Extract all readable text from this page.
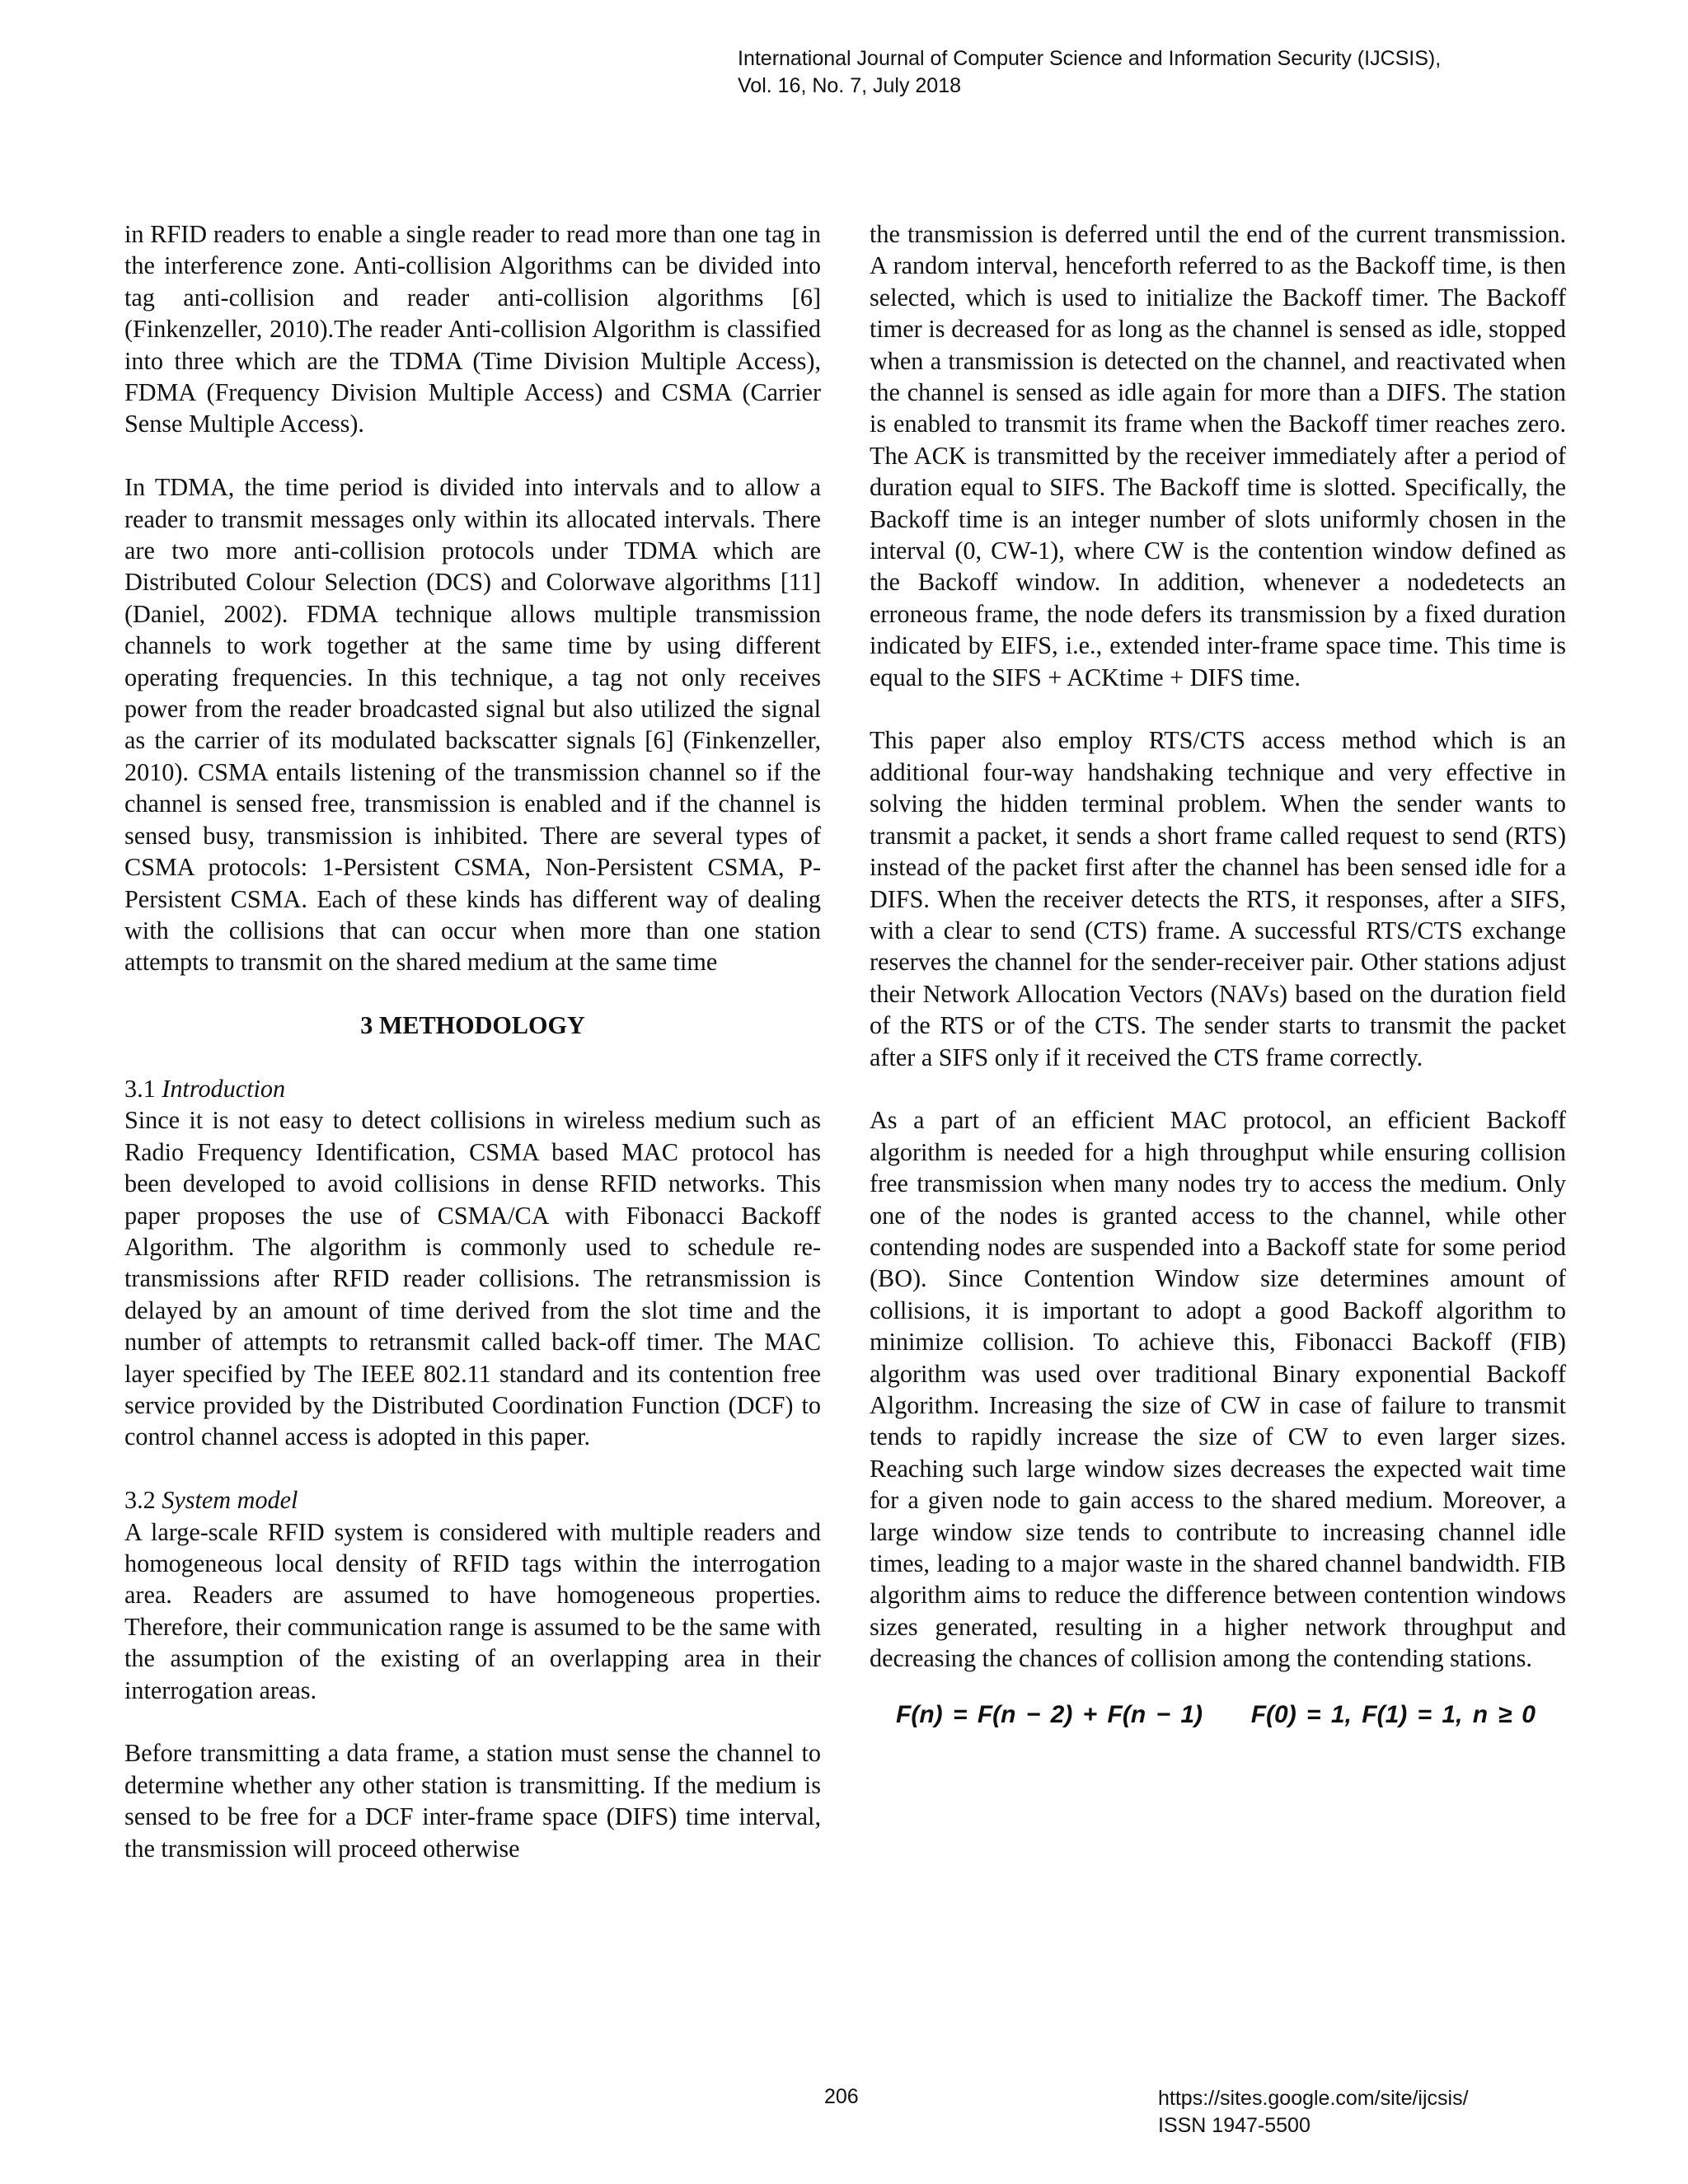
International Journal of Computer Science and Information Security (IJCSIS),
Vol. 16, No. 7, July 2018

in RFID readers to enable a single reader to read more than one tag in the interference zone. Anti-collision Algorithms can be divided into tag anti-collision and reader anti-collision algorithms [6] (Finkenzeller, 2010).The reader Anti-collision Algorithm is classified into three which are the TDMA (Time Division Multiple Access), FDMA (Frequency Division Multiple Access) and CSMA (Carrier Sense Multiple Access).

In TDMA, the time period is divided into intervals and to allow a reader to transmit messages only within its allocated intervals. There are two more anti-collision protocols under TDMA which are Distributed Colour Selection (DCS) and Colorwave algorithms [11] (Daniel, 2002). FDMA technique allows multiple transmission channels to work together at the same time by using different operating frequencies. In this technique, a tag not only receives power from the reader broadcasted signal but also utilized the signal as the carrier of its modulated backscatter signals [6] (Finkenzeller, 2010). CSMA entails listening of the transmission channel so if the channel is sensed free, transmission is enabled and if the channel is sensed busy, transmission is inhibited. There are several types of CSMA protocols: 1-Persistent CSMA, Non-Persistent CSMA, P-Persistent CSMA. Each of these kinds has different way of dealing with the collisions that can occur when more than one station attempts to transmit on the shared medium at the same time

3 METHODOLOGY

3.1 Introduction

Since it is not easy to detect collisions in wireless medium such as Radio Frequency Identification, CSMA based MAC protocol has been developed to avoid collisions in dense RFID networks. This paper proposes the use of CSMA/CA with Fibonacci Backoff Algorithm. The algorithm is commonly used to schedule re-transmissions after RFID reader collisions. The retransmission is delayed by an amount of time derived from the slot time and the number of attempts to retransmit called back-off timer. The MAC layer specified by The IEEE 802.11 standard and its contention free service provided by the Distributed Coordination Function (DCF) to control channel access is adopted in this paper.

3.2 System model

A large-scale RFID system is considered with multiple readers and homogeneous local density of RFID tags within the interrogation area. Readers are assumed to have homogeneous properties. Therefore, their communication range is assumed to be the same with the assumption of the existing of an overlapping area in their interrogation areas.

Before transmitting a data frame, a station must sense the channel to determine whether any other station is transmitting. If the medium is sensed to be free for a DCF inter-frame space (DIFS) time interval, the transmission will proceed otherwise

the transmission is deferred until the end of the current transmission. A random interval, henceforth referred to as the Backoff time, is then selected, which is used to initialize the Backoff timer. The Backoff timer is decreased for as long as the channel is sensed as idle, stopped when a transmission is detected on the channel, and reactivated when the channel is sensed as idle again for more than a DIFS. The station is enabled to transmit its frame when the Backoff timer reaches zero. The ACK is transmitted by the receiver immediately after a period of duration equal to SIFS. The Backoff time is slotted. Specifically, the Backoff time is an integer number of slots uniformly chosen in the interval (0, CW-1), where CW is the contention window defined as the Backoff window. In addition, whenever a nodedetects an erroneous frame, the node defers its transmission by a fixed duration indicated by EIFS, i.e., extended inter-frame space time. This time is equal to the SIFS + ACKtime + DIFS time.

This paper also employ RTS/CTS access method which is an additional four-way handshaking technique and very effective in solving the hidden terminal problem. When the sender wants to transmit a packet, it sends a short frame called request to send (RTS) instead of the packet first after the channel has been sensed idle for a DIFS. When the receiver detects the RTS, it responses, after a SIFS, with a clear to send (CTS) frame. A successful RTS/CTS exchange reserves the channel for the sender-receiver pair. Other stations adjust their Network Allocation Vectors (NAVs) based on the duration field of the RTS or of the CTS. The sender starts to transmit the packet after a SIFS only if it received the CTS frame correctly.

As a part of an efficient MAC protocol, an efficient Backoff algorithm is needed for a high throughput while ensuring collision free transmission when many nodes try to access the medium. Only one of the nodes is granted access to the channel, while other contending nodes are suspended into a Backoff state for some period (BO). Since Contention Window size determines amount of collisions, it is important to adopt a good Backoff algorithm to minimize collision. To achieve this, Fibonacci Backoff (FIB) algorithm was used over traditional Binary exponential Backoff Algorithm. Increasing the size of CW in case of failure to transmit tends to rapidly increase the size of CW to even larger sizes. Reaching such large window sizes decreases the expected wait time for a given node to gain access to the shared medium. Moreover, a large window size tends to contribute to increasing channel idle times, leading to a major waste in the shared channel bandwidth. FIB algorithm aims to reduce the difference between contention windows sizes generated, resulting in a higher network throughput and decreasing the chances of collision among the contending stations.

F(n) = F(n − 2) + F(n − 1) F(0) = 1, F(1) = 1, n ≥ 0
206	https://sites.google.com/site/ijcsis/
ISSN 1947-5500
